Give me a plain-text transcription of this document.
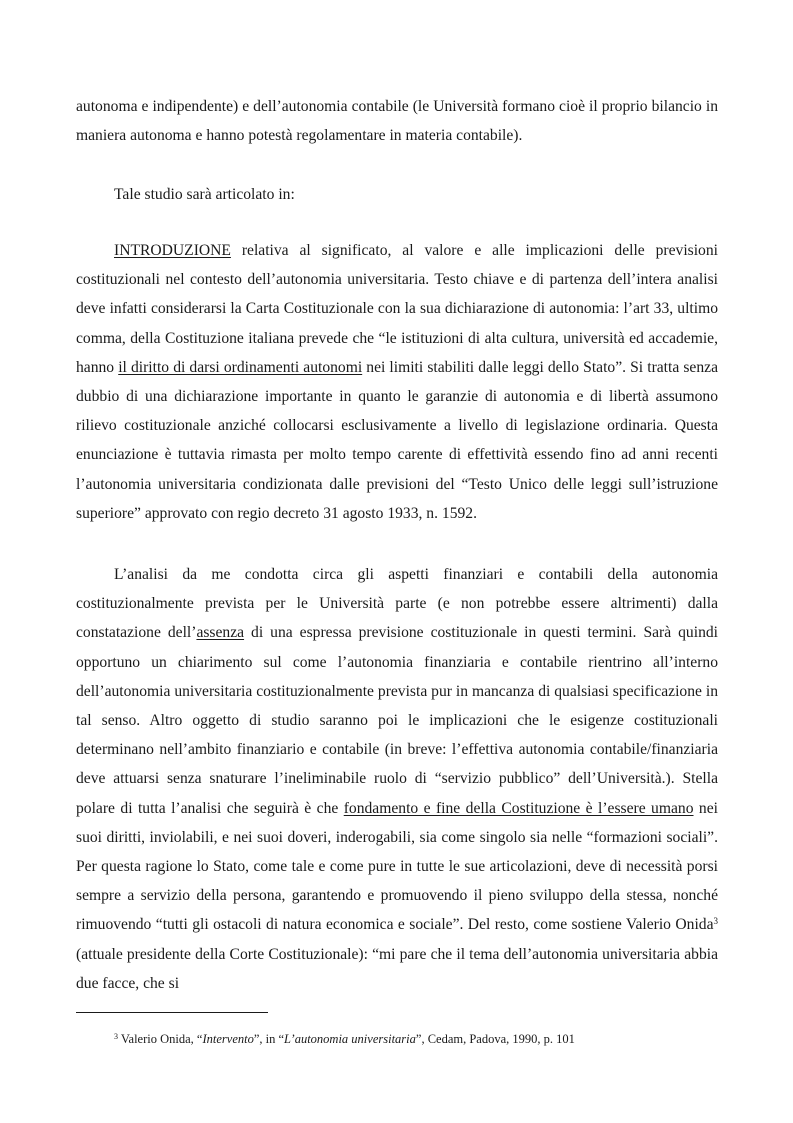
autonoma e indipendente) e dell’autonomia contabile (le Università formano cioè il proprio bilancio in maniera autonoma e hanno potestà regolamentare in materia contabile).

Tale studio sarà articolato in:

INTRODUZIONE relativa al significato, al valore e alle implicazioni delle previsioni costituzionali nel contesto dell’autonomia universitaria. Testo chiave e di partenza dell’intera analisi deve infatti considerarsi la Carta Costituzionale con la sua dichiarazione di autonomia: l’art 33, ultimo comma, della Costituzione italiana prevede che “le istituzioni di alta cultura, università ed accademie, hanno il diritto di darsi ordinamenti autonomi nei limiti stabiliti dalle leggi dello Stato”. Si tratta senza dubbio di una dichiarazione importante in quanto le garanzie di autonomia e di libertà assumono rilievo costituzionale anziché collocarsi esclusivamente a livello di legislazione ordinaria. Questa enunciazione è tuttavia rimasta per molto tempo carente di effettività essendo fino ad anni recenti l’autonomia universitaria condizionata dalle previsioni del “Testo Unico delle leggi sull’istruzione superiore” approvato con regio decreto 31 agosto 1933, n. 1592.

L’analisi da me condotta circa gli aspetti finanziari e contabili della autonomia costituzionalmente prevista per le Università parte (e non potrebbe essere altrimenti) dalla constatazione dell’assenza di una espressa previsione costituzionale in questi termini. Sarà quindi opportuno un chiarimento sul come l’autonomia finanziaria e contabile rientrino all’interno dell’autonomia universitaria costituzionalmente prevista pur in mancanza di qualsiasi specificazione in tal senso. Altro oggetto di studio saranno poi le implicazioni che le esigenze costituzionali determinano nell’ambito finanziario e contabile (in breve: l’effettiva autonomia contabile/finanziaria deve attuarsi senza snaturare l’ineliminabile ruolo di “servizio pubblico” dell’Università.). Stella polare di tutta l’analisi che seguirà è che fondamento e fine della Costituzione è l’essere umano nei suoi diritti, inviolabili, e nei suoi doveri, inderogabili, sia come singolo sia nelle “formazioni sociali”. Per questa ragione lo Stato, come tale e come pure in tutte le sue articolazioni, deve di necessità porsi sempre a servizio della persona, garantendo e promuovendo il pieno sviluppo della stessa, nonché rimuovendo “tutti gli ostacoli di natura economica e sociale”. Del resto, come sostiene Valerio Onida$^3$ (attuale presidente della Corte Costituzionale): “mi pare che il tema dell’autonomia universitaria abbia due facce, che si

$^3$ Valerio Onida, “Intervento”, in “L’autonomia universitaria”, Cedam, Padova, 1990, p. 101
